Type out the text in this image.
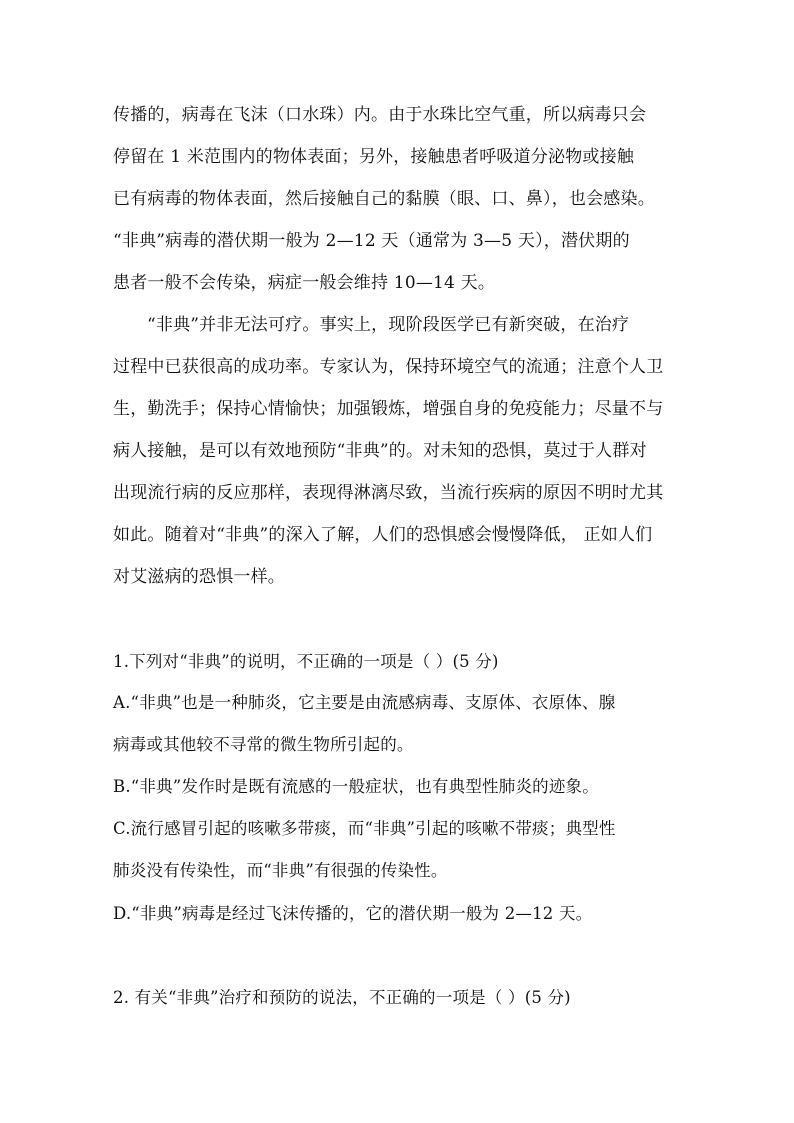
传播的，病毒在飞沫（口水珠）内。由于水珠比空气重，所以病毒只会
停留在 1 米范围内的物体表面；另外，接触患者呼吸道分泌物或接触
已有病毒的物体表面，然后接触自己的黏膜（眼、口、鼻），也会感染。
“非典”病毒的潜伏期一般为 2—12 天（通常为 3—5 天），潜伏期的
患者一般不会传染，病症一般会维持 10—14 天。
“非典”并非无法可疗。事实上，现阶段医学已有新突破，在治疗
过程中已获很高的成功率。专家认为，保持环境空气的流通；注意个人卫
生，勤洗手；保持心情愉快；加强锻炼，增强自身的免疫能力；尽量不与
病人接触，是可以有效地预防“非典”的。对未知的恐惧，莫过于人群对
出现流行病的反应那样，表现得淋漓尽致，当流行疾病的原因不明时尤其
如此。随着对“非典”的深入了解，人们的恐惧感会慢慢降低， 正如人们
对艾滋病的恐惧一样。
1.下列对“非典”的说明，不正确的一项是（ ）(5 分)
A.“非典”也是一种肺炎，它主要是由流感病毒、支原体、衣原体、腺
病毒或其他较不寻常的微生物所引起的。
B.“非典”发作时是既有流感的一般症状，也有典型性肺炎的迹象。
C.流行感冒引起的咳嗽多带痰，而“非典”引起的咳嗽不带痰；典型性
肺炎没有传染性，而“非典”有很强的传染性。
D.“非典”病毒是经过飞沫传播的，它的潜伏期一般为 2—12 天。
2. 有关“非典”治疗和预防的说法，不正确的一项是（ ）(5 分)
